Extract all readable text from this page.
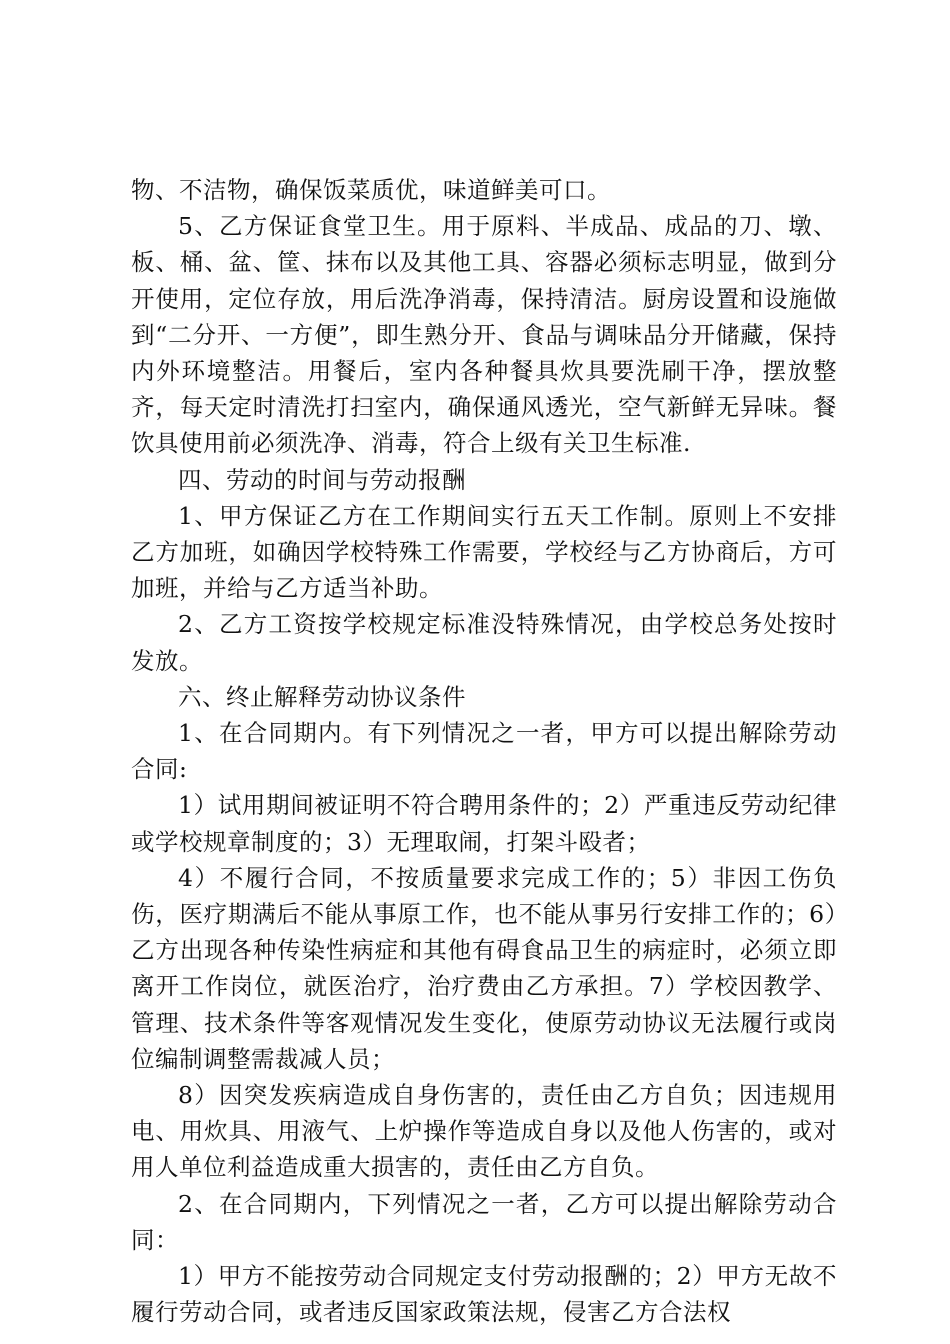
物、不洁物，确保饭菜质优，味道鲜美可口。

5、乙方保证食堂卫生。用于原料、半成品、成品的刀、墩、板、桶、盆、筐、抹布以及其他工具、容器必须标志明显，做到分开使用，定位存放，用后洗净消毒，保持清洁。厨房设置和设施做到“二分开、一方便”，即生熟分开、食品与调味品分开储藏，保持内外环境整洁。用餐后，室内各种餐具炊具要洗刷干净，摆放整齐，每天定时清洗打扫室内，确保通风透光，空气新鲜无异味。餐饮具使用前必须洗净、消毒，符合上级有关卫生标准.

四、劳动的时间与劳动报酬

1、甲方保证乙方在工作期间实行五天工作制。原则上不安排乙方加班，如确因学校特殊工作需要，学校经与乙方协商后，方可加班，并给与乙方适当补助。

2、乙方工资按学校规定标准没特殊情况，由学校总务处按时发放。

六、终止解释劳动协议条件

1、在合同期内。有下列情况之一者，甲方可以提出解除劳动合同:

1）试用期间被证明不符合聘用条件的；2）严重违反劳动纪律或学校规章制度的；3）无理取闹，打架斗殴者；

4）不履行合同，不按质量要求完成工作的；5）非因工伤负伤，医疗期满后不能从事原工作，也不能从事另行安排工作的；6）乙方出现各种传染性病症和其他有碍食品卫生的病症时，必须立即离开工作岗位，就医治疗，治疗费由乙方承担。7）学校因教学、管理、技术条件等客观情况发生变化，使原劳动协议无法履行或岗位编制调整需裁减人员；

8）因突发疾病造成自身伤害的，责任由乙方自负；因违规用电、用炊具、用液气、上炉操作等造成自身以及他人伤害的，或对用人单位利益造成重大损害的，责任由乙方自负。

2、在合同期内，下列情况之一者，乙方可以提出解除劳动合同：

1）甲方不能按劳动合同规定支付劳动报酬的；2）甲方无故不履行劳动合同，或者违反国家政策法规，侵害乙方合法权
